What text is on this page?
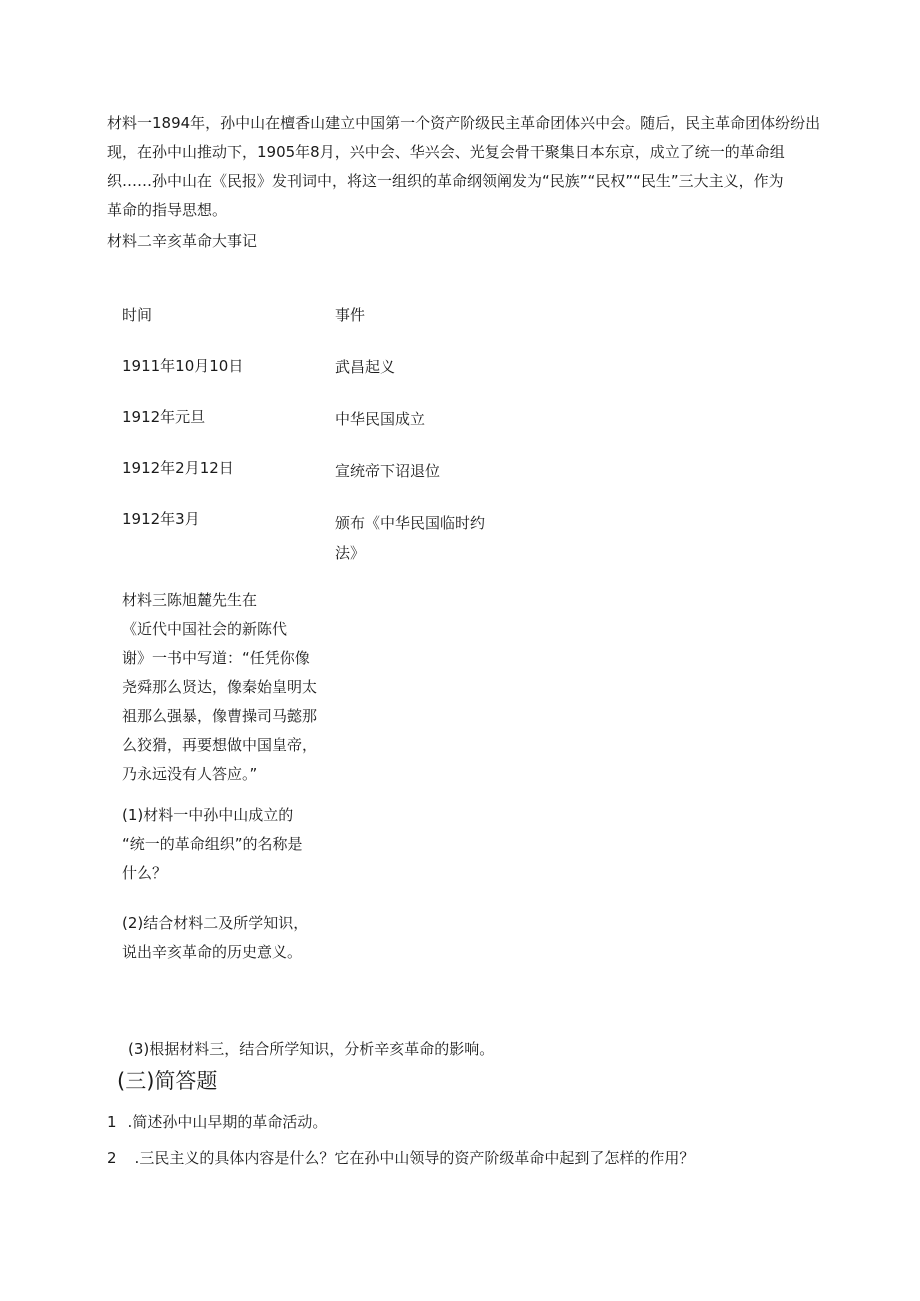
材料一1894年，孙中山在檀香山建立中国第一个资产阶级民主革命团体兴中会。随后，民主革命团体纷纷出
现，在孙中山推动下，1905年8月，兴中会、华兴会、光复会骨干聚集日本东京，成立了统一的革命组
织……孙中山在《民报》发刊词中，将这一组织的革命纲领阐发为“民族”“民权”“民生”三大主义，作为
革命的指导思想。
材料二辛亥革命大事记
时间	事件
1911年10月10日	武昌起义
1912年元旦	中华民国成立
1912年2月12日	宣统帝下诏退位
1912年3月	颁布《中华民国临时约
法》
材料三陈旭麓先生在
《近代中国社会的新陈代
谢》一书中写道：“任凭你像
尧舜那么贤达，像秦始皇明太
祖那么强暴，像曹操司马懿那
么狡猾，再要想做中国皇帝，
乃永远没有人答应。”
(1)材料一中孙中山成立的
“统一的革命组织”的名称是
什么？
(2)结合材料二及所学知识，
说出辛亥革命的历史意义。
(3)根据材料三，结合所学知识，分析辛亥革命的影响。
(三)简答题
1 .简述孙中山早期的革命活动。
2 .三民主义的具体内容是什么？它在孙中山领导的资产阶级革命中起到了怎样的作用？
